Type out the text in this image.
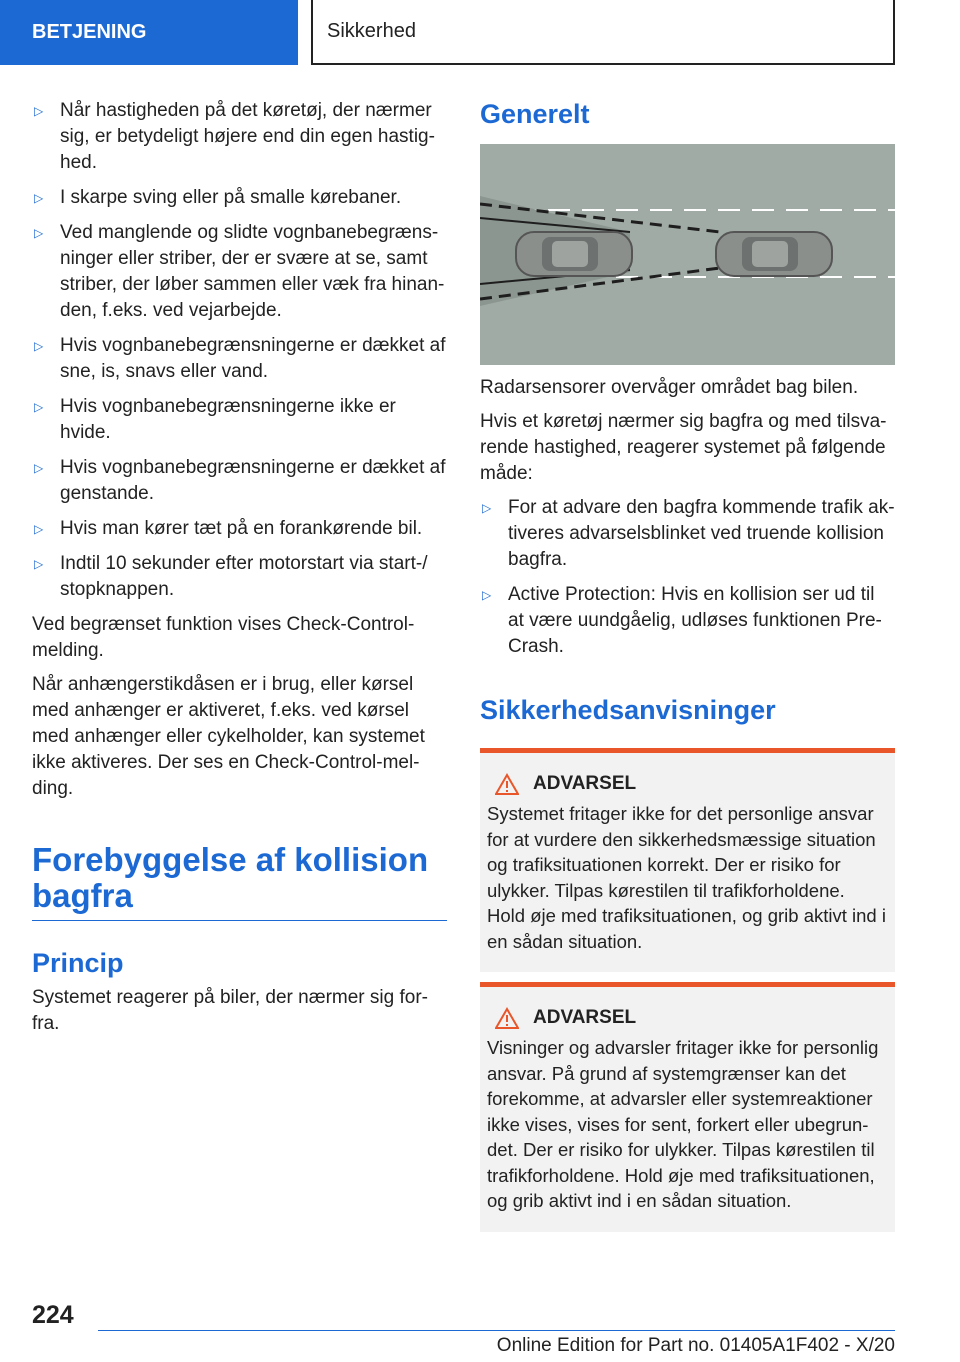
BETJENING	Sikkerhed
▷ Når hastigheden på det køretøj, der nærmer sig, er betydeligt højere end din egen hastig-hed.
▷ I skarpe sving eller på smalle kørebaner.
▷ Ved manglende og slidte vognbanebegræns-ninger eller striber, der er svære at se, samt striber, der løber sammen eller væk fra hinan-den, f.eks. ved vejarbejde.
▷ Hvis vognbanebegrænsningerne er dækket af sne, is, snavs eller vand.
▷ Hvis vognbanebegrænsningerne ikke er hvide.
▷ Hvis vognbanebegrænsningerne er dækket af genstande.
▷ Hvis man kører tæt på en forankørende bil.
▷ Indtil 10 sekunder efter motorstart via start-/ stopknappen.

Ved begrænset funktion vises Check-Control-melding.

Når anhængerstikdåsen er i brug, eller kørsel med anhænger er aktiveret, f.eks. ved kørsel med anhænger eller cykelholder, kan systemet ikke aktiveres. Der ses en Check-Control-mel-ding.

Forebyggelse af kollision bagfra
Princip

Systemet reagerer på biler, der nærmer sig for-fra.

Generelt

Radarsensorer overvåger området bag bilen.

Hvis et køretøj nærmer sig bagfra og med tilsva-rende hastighed, reagerer systemet på følgende måde:

▷ For at advare den bagfra kommende trafik ak-tiveres advarselsblinket ved truende kollision bagfra.
▷ Active Protection: Hvis en kollision ser ud til at være uundgåelig, udløses funktionen Pre-Crash.
Sikkerhedsanvisninger
ADVARSEL

Systemet fritager ikke for det personlige ansvar for at vurdere den sikkerhedsmæssige situation og trafiksituationen korrekt. Der er risiko for ulykker. Tilpas kørestilen til trafikforholdene. Hold øje med trafiksituationen, og grib aktivt ind i en sådan situation.

ADVARSEL

Visninger og advarsler fritager ikke for personlig ansvar. På grund af systemgrænser kan det forekomme, at advarsler eller systemreaktioner ikke vises, vises for sent, forkert eller ubegrun-det. Der er risiko for ulykker. Tilpas kørestilen til trafikforholdene. Hold øje med trafiksituationen, og grib aktivt ind i en sådan situation.

224
Online Edition for Part no. 01405A1F402 - X/20
